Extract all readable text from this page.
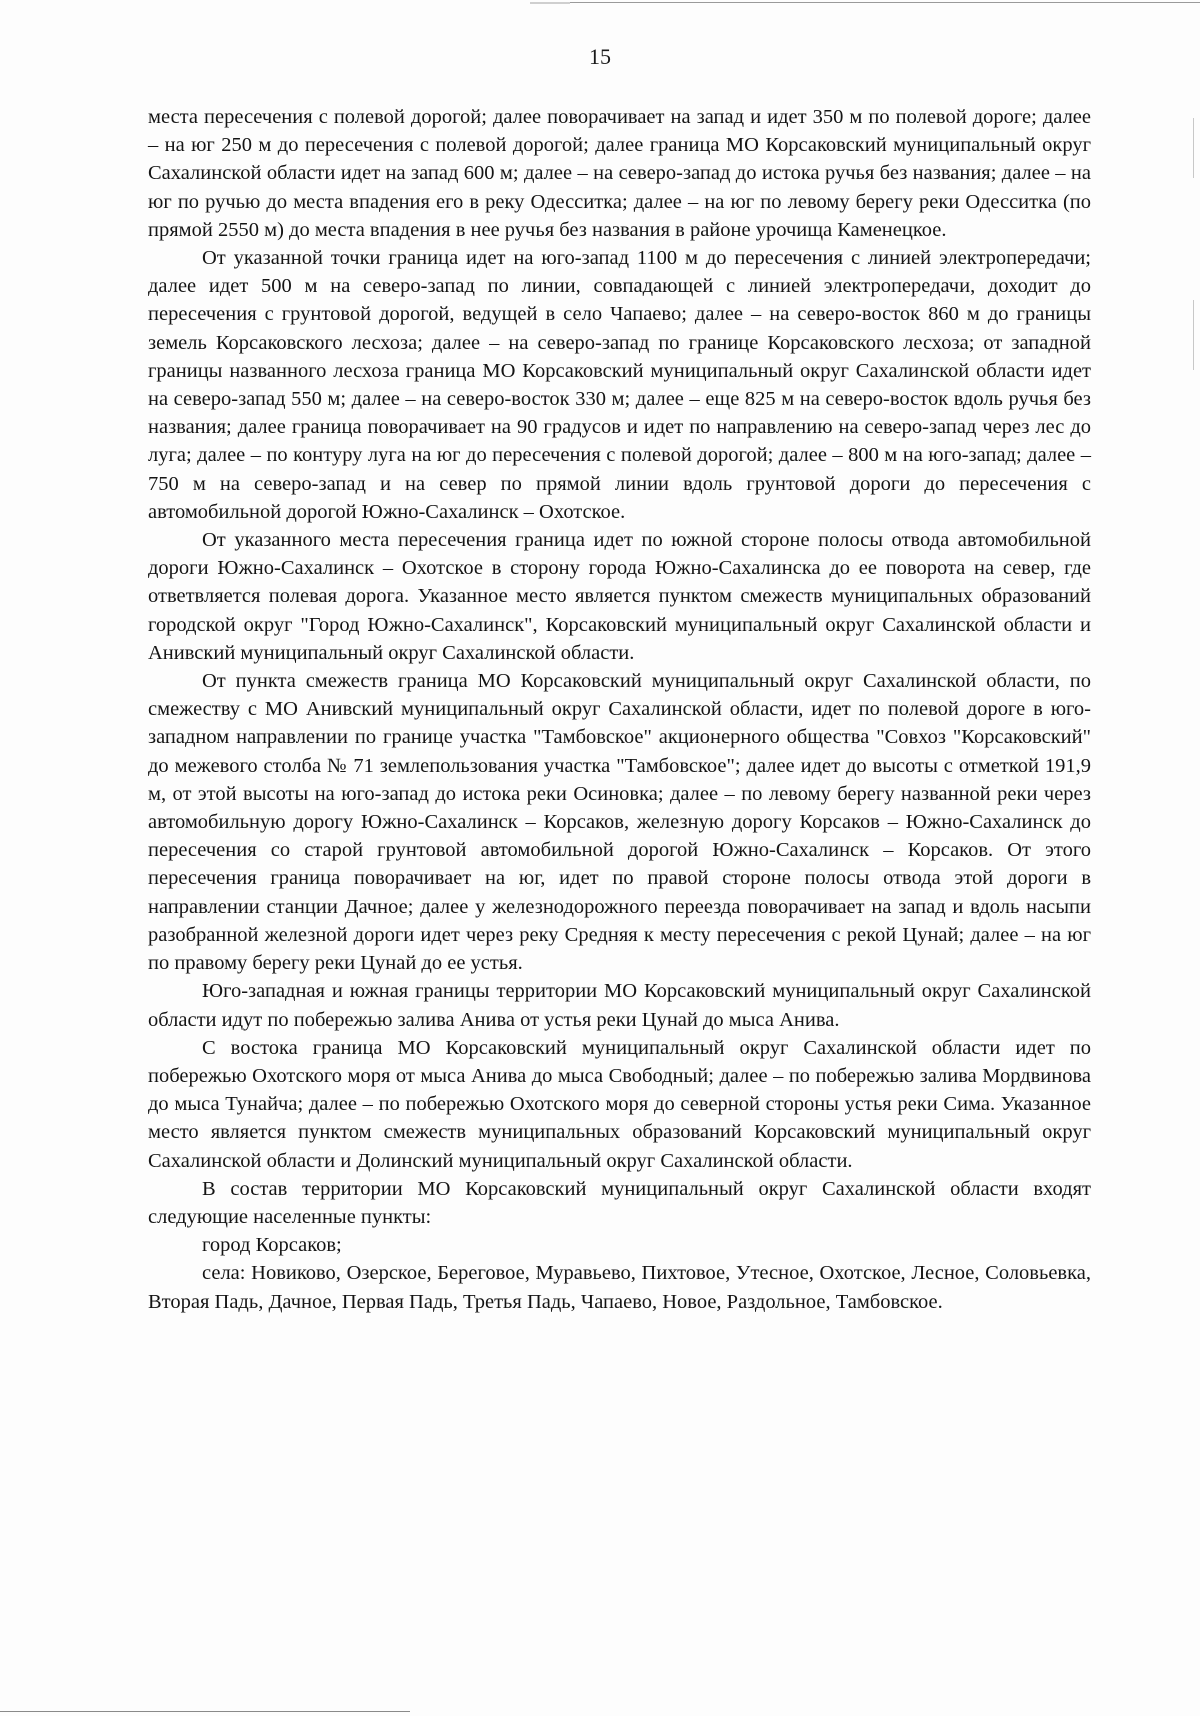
15

места пересечения с полевой дорогой; далее поворачивает на запад и идет 350 м по полевой дороге; далее – на юг 250 м до пересечения с полевой дорогой; далее граница МО Корсаковский муниципальный округ Сахалинской области идет на запад 600 м; далее – на северо-запад до истока ручья без названия; далее – на юг по ручью до места впадения его в реку Одесситка; далее – на юг по левому берегу реки Одесситка (по прямой 2550 м) до места впадения в нее ручья без названия в районе урочища Каменецкое.

От указанной точки граница идет на юго-запад 1100 м до пересечения с линией электропередачи; далее идет 500 м на северо-запад по линии, совпадающей с линией электропередачи, доходит до пересечения с грунтовой дорогой, ведущей в село Чапаево; далее – на северо-восток 860 м до границы земель Корсаковского лесхоза; далее – на северо-запад по границе Корсаковского лесхоза; от западной границы названного лесхоза граница МО Корсаковский муниципальный округ Сахалинской области идет на северо-запад 550 м; далее – на северо-восток 330 м; далее – еще 825 м на северо-восток вдоль ручья без названия; далее граница поворачивает на 90 градусов и идет по направлению на северо-запад через лес до луга; далее – по контуру луга на юг до пересечения с полевой дорогой; далее – 800 м на юго-запад; далее – 750 м на северо-запад и на север по прямой линии вдоль грунтовой дороги до пересечения с автомобильной дорогой Южно-Сахалинск – Охотское.

От указанного места пересечения граница идет по южной стороне полосы отвода автомобильной дороги Южно-Сахалинск – Охотское в сторону города Южно-Сахалинска до ее поворота на север, где ответвляется полевая дорога. Указанное место является пунктом смежеств муниципальных образований городской округ "Город Южно-Сахалинск", Корсаковский муниципальный округ Сахалинской области и Анивский муниципальный округ Сахалинской области.

От пункта смежеств граница МО Корсаковский муниципальный округ Сахалинской области, по смежеству с МО Анивский муниципальный округ Сахалинской области, идет по полевой дороге в юго-западном направлении по границе участка "Тамбовское" акционерного общества "Совхоз "Корсаковский" до межевого столба № 71 землепользования участка "Тамбовское"; далее идет до высоты с отметкой 191,9 м, от этой высоты на юго-запад до истока реки Осиновка; далее – по левому берегу названной реки через автомобильную дорогу Южно-Сахалинск – Корсаков, железную дорогу Корсаков – Южно-Сахалинск до пересечения со старой грунтовой автомобильной дорогой Южно-Сахалинск – Корсаков. От этого пересечения граница поворачивает на юг, идет по правой стороне полосы отвода этой дороги в направлении станции Дачное; далее у железнодорожного переезда поворачивает на запад и вдоль насыпи разобранной железной дороги идет через реку Средняя к месту пересечения с рекой Цунай; далее – на юг по правому берегу реки Цунай до ее устья.

Юго-западная и южная границы территории МО Корсаковский муниципальный округ Сахалинской области идут по побережью залива Анива от устья реки Цунай до мыса Анива.

С востока граница МО Корсаковский муниципальный округ Сахалинской области идет по побережью Охотского моря от мыса Анива до мыса Свободный; далее – по побережью залива Мордвинова до мыса Тунайча; далее – по побережью Охотского моря до северной стороны устья реки Сима. Указанное место является пунктом смежеств муниципальных образований Корсаковский муниципальный округ Сахалинской области и Долинский муниципальный округ Сахалинской области.

В состав территории МО Корсаковский муниципальный округ Сахалинской области входят следующие населенные пункты:

город Корсаков;

села: Новиково, Озерское, Береговое, Муравьево, Пихтовое, Утесное, Охотское, Лесное, Соловьевка, Вторая Падь, Дачное, Первая Падь, Третья Падь, Чапаево, Новое, Раздольное, Тамбовское.
